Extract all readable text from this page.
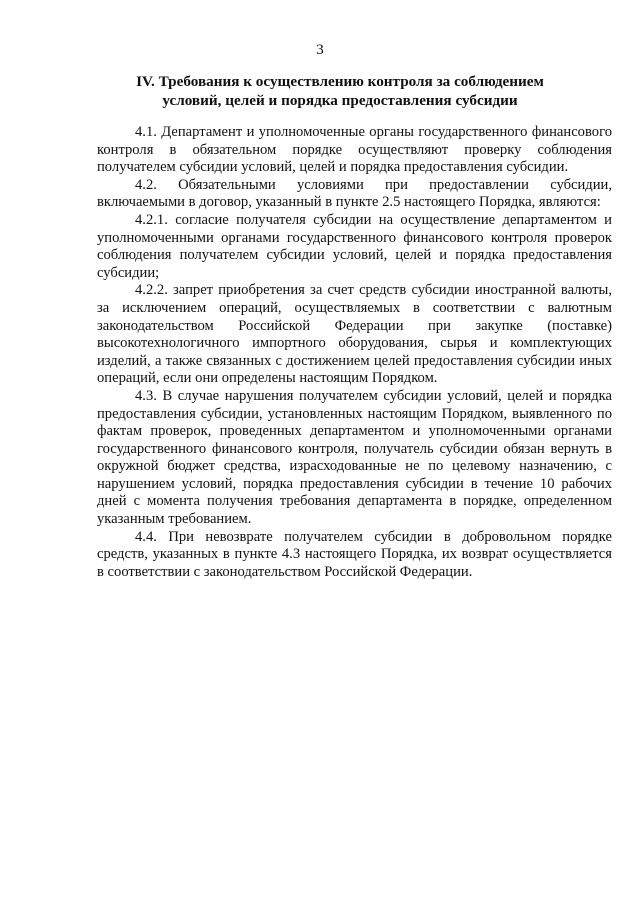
3
IV. Требования к осуществлению контроля за соблюдением
условий, целей и порядка предоставления субсидии

4.1. Департамент и уполномоченные органы государственного финансового контроля в обязательном порядке осуществляют проверку соблюдения получателем субсидии условий, целей и порядка предоставления субсидии.

4.2. Обязательными условиями при предоставлении субсидии, включаемыми в договор, указанный в пункте 2.5 настоящего Порядка, являются:

4.2.1. согласие получателя субсидии на осуществление департаментом и уполномоченными органами государственного финансового контроля проверок соблюдения получателем субсидии условий, целей и порядка предоставления субсидии;

4.2.2. запрет приобретения за счет средств субсидии иностранной валюты, за исключением операций, осуществляемых в соответствии с валютным законодательством Российской Федерации при закупке (поставке) высокотехнологичного импортного оборудования, сырья и комплектующих изделий, а также связанных с достижением целей предоставления субсидии иных операций, если они определены настоящим Порядком.

4.3. В случае нарушения получателем субсидии условий, целей и порядка предоставления субсидии, установленных настоящим Порядком, выявленного по фактам проверок, проведенных департаментом и уполномоченными органами государственного финансового контроля, получатель субсидии обязан вернуть в окружной бюджет средства, израсходованные не по целевому назначению, с нарушением условий, порядка предоставления субсидии в течение 10 рабочих дней с момента получения требования департамента в порядке, определенном указанным требованием.

4.4. При невозврате получателем субсидии в добровольном порядке средств, указанных в пункте 4.3 настоящего Порядка, их возврат осуществляется в соответствии с законодательством Российской Федерации.
